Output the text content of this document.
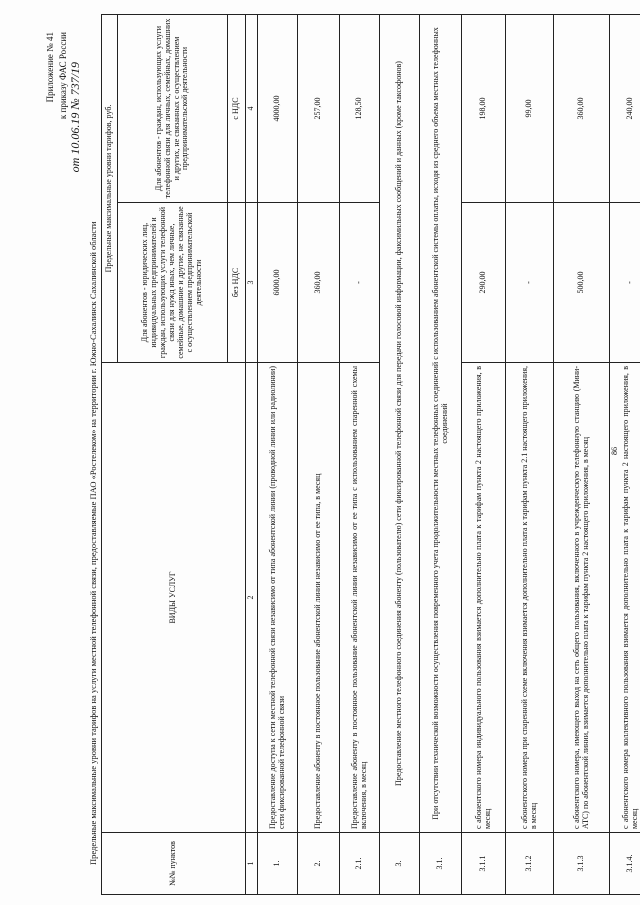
86
Приложение № 41 к приказу ФАС России от 10.06.19 № 737/19
Предельные максимальные уровни тарифов на услуги местной телефонной связи, предоставляемые ПАО «Ростелеком» на территории г. Южно-Сахалинск Сахалинской области	№№ пунктов	ВИДЫ УСЛУГ	Предельные максимальные уровни тарифов, руб.	
		Для абонентов - юридических лиц, индивидуальных предпринимателей и граждан, использующих услуги телефонной связи для нужд иных, чем личные, семейные, домашние и другие, не связанные с осуществлением предпринимательской деятельности	Для абонентов - граждан, использующих услуги телефонной связи для личных, семейных, домашних и других, не связанных с осуществлением предпринимательской деятельности
		без НДС	с НДС
1	2	3	4
1.	Предоставление доступа к сети местной телефонной связи независимо от типа абонентской линии (проводной линии или радиолинии) сети фиксированной телефонной связи	6000,00	4000,00
2.	Предоставление абоненту в постоянное пользование абонентской линии независимо от ее типа, в месяц	360,00	257,00
2.1.	Предоставление абоненту в постоянное пользование абонентской линии независимо от ее типа с использованием спаренной схемы включения, в месяц	-	128,50
3.	Предоставление местного телефонного соединения абоненту (пользователю) сети фиксированной телефонной связи для передачи голосовой информации, факсимильных сообщений и данных (кроме таксофонов)		
3.1.	При отсутствии технической возможности осуществления повременного учета продолжительности местных телефонных соединений с использованием абонентской системы оплаты, исходя из среднего объема местных телефонных соединений		
3.1.1	с абонентского номера индивидуального пользования взимается дополнительно плата к тарифам пункта 2 настоящего приложения, в месяц	290,00	198,00
3.1.2	с абонентского номера при спаренной схеме включения взимается дополнительно плата к тарифам пункта 2.1 настоящего приложения, в месяц	-	99,00
3.1.3	с абонентского номера, имеющего выход на сеть общего пользования, включенного в учрежденческую телефонную станцию (Мини-АТС) по абонентской линии, взимается дополнительно плата к тарифам пункта 2 настоящего приложения, в месяц	500,00	360,00
3.1.4.	с абонентского номера коллективного пользования взимается дополнительно плата к тарифам пункта 2 настоящего приложения, в месяц	-	240,00
